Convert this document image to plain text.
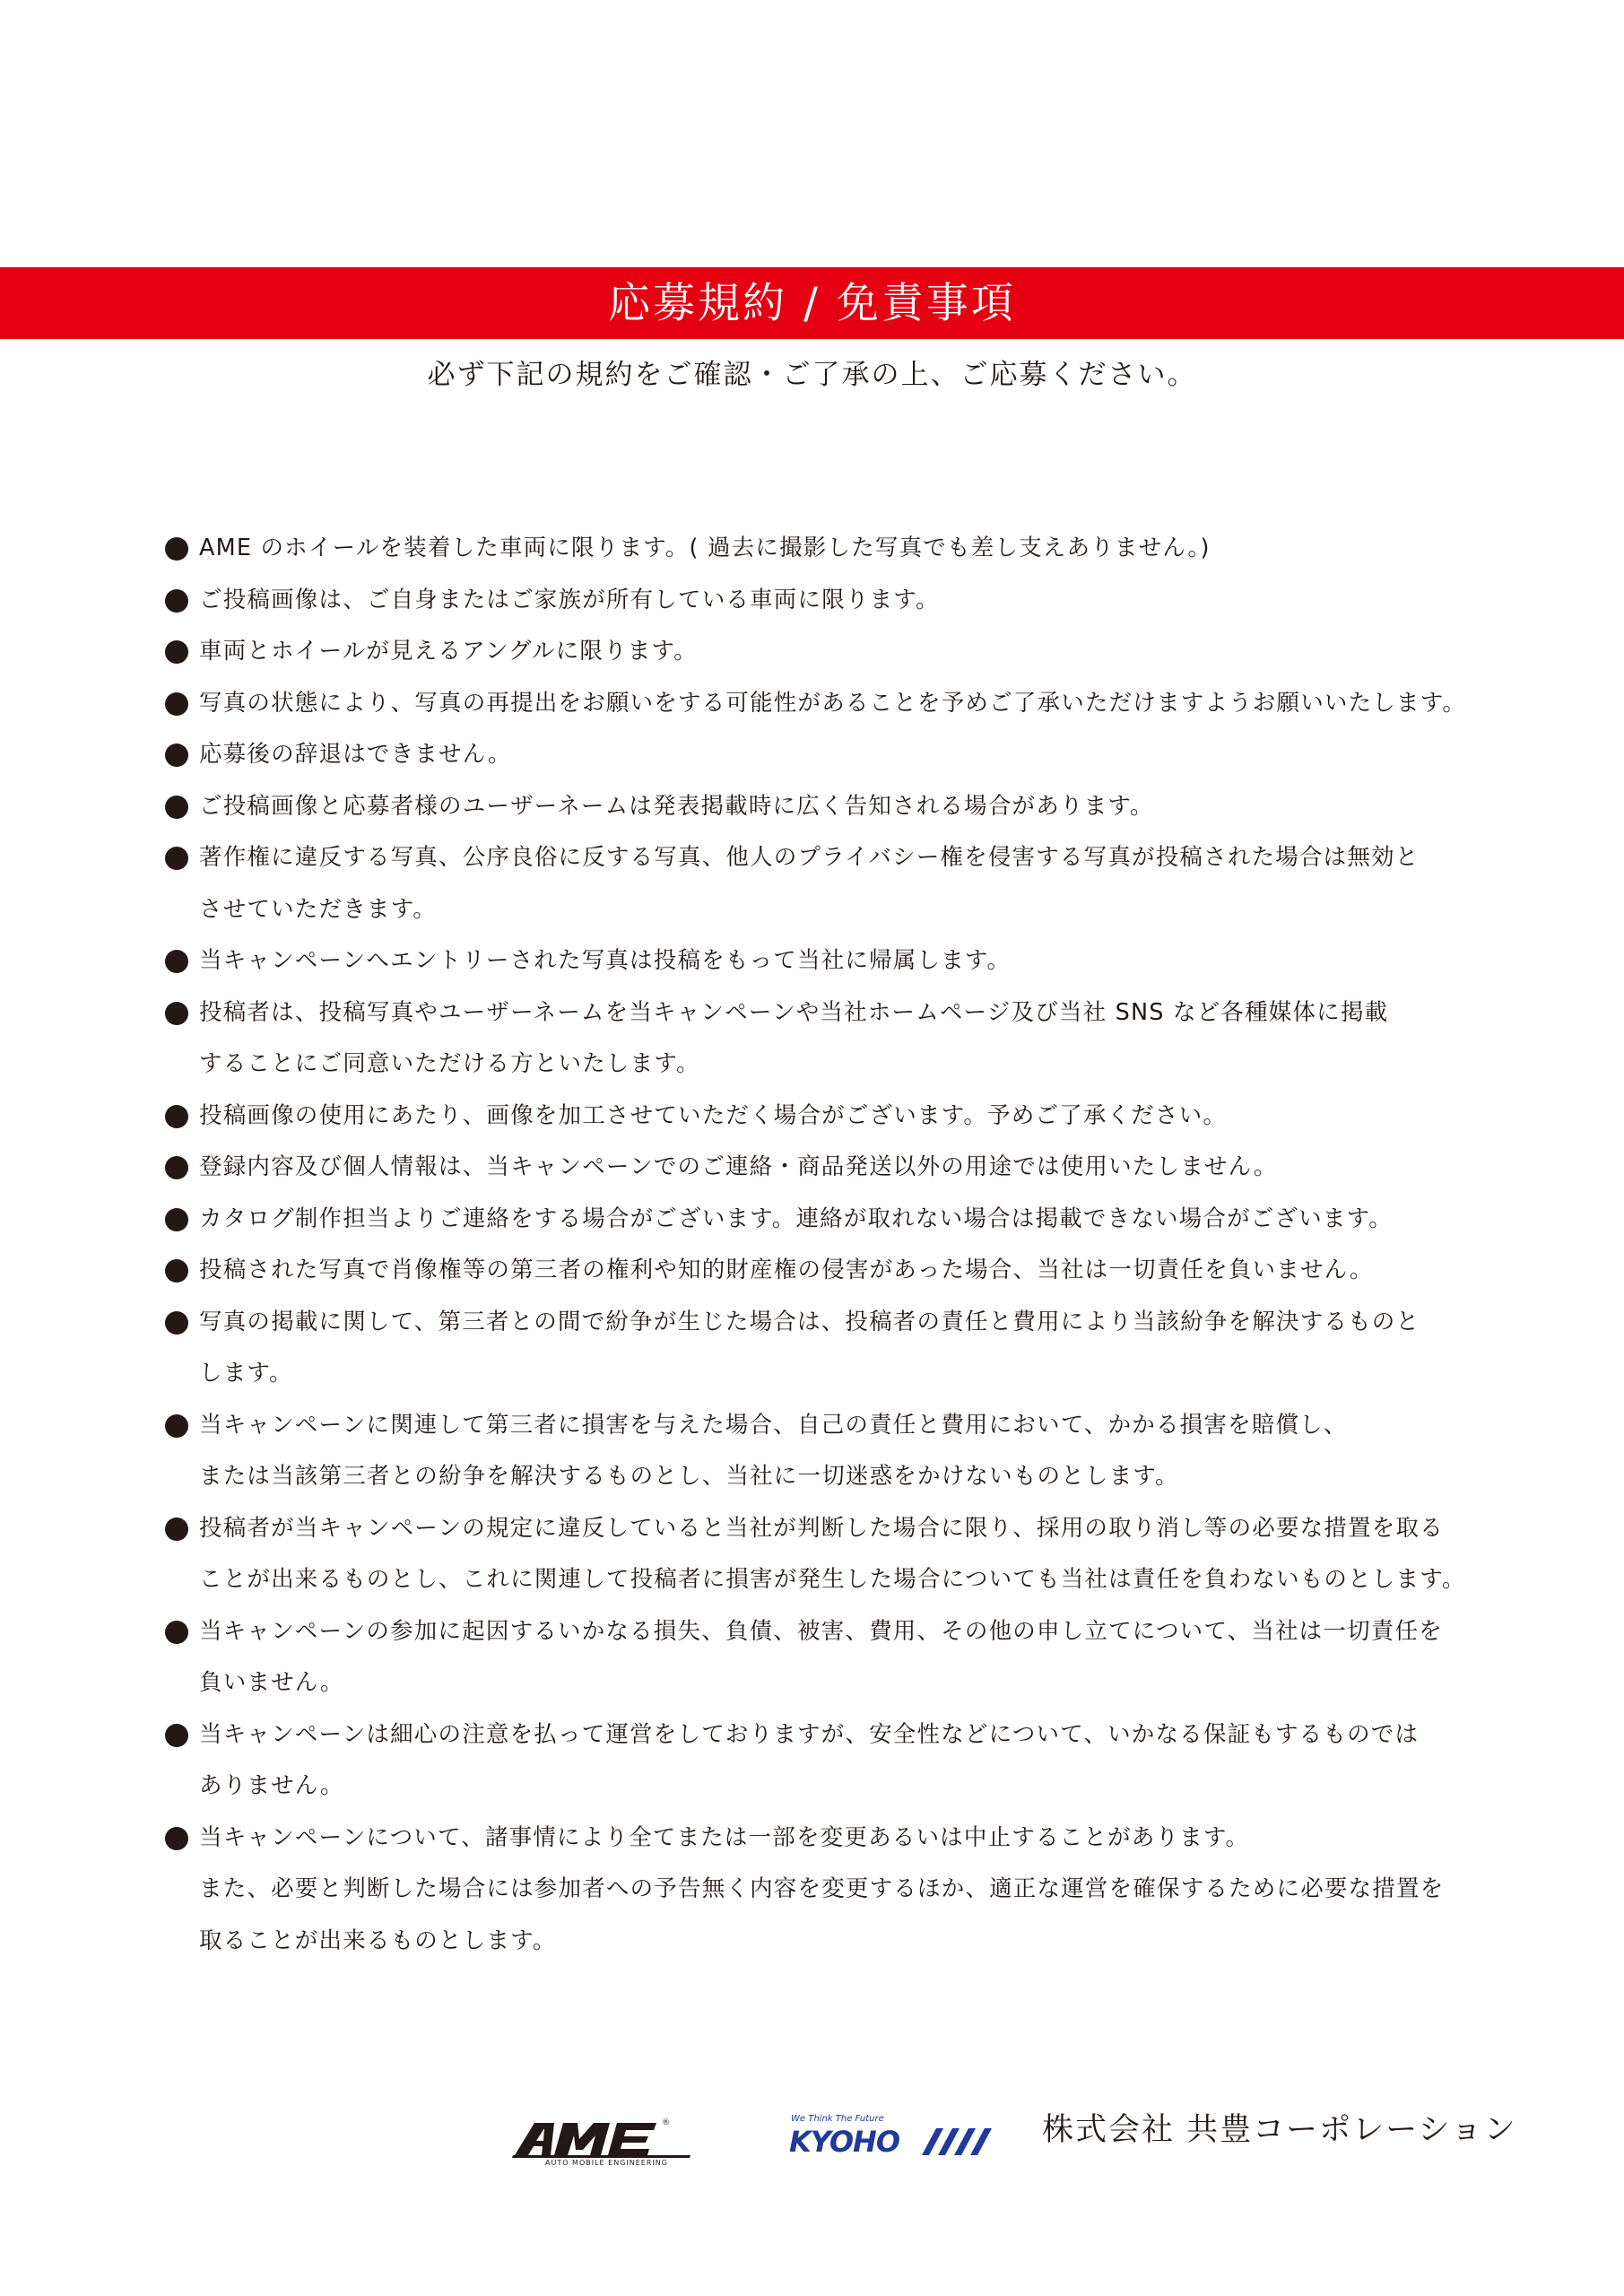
応募規約 / 免責事項
必ず下記の規約をご確認・ご了承の上、ご応募ください。
AME のホイールを装着した車両に限ります。( 過去に撮影した写真でも差し支えありません。)
ご投稿画像は、ご自身またはご家族が所有している車両に限ります。
車両とホイールが見えるアングルに限ります。
写真の状態により、写真の再提出をお願いをする可能性があることを予めご了承いただけますようお願いいたします。
応募後の辞退はできません。
ご投稿画像と応募者様のユーザーネームは発表掲載時に広く告知される場合があります。
著作権に違反する写真、公序良俗に反する写真、他人のプライバシー権を侵害する写真が投稿された場合は無効と
させていただきます。
当キャンペーンへエントリーされた写真は投稿をもって当社に帰属します。
投稿者は、投稿写真やユーザーネームを当キャンペーンや当社ホームページ及び当社 SNS など各種媒体に掲載
することにご同意いただける方といたします。
投稿画像の使用にあたり、画像を加工させていただく場合がございます。予めご了承ください。
登録内容及び個人情報は、当キャンペーンでのご連絡・商品発送以外の用途では使用いたしません。
カタログ制作担当よりご連絡をする場合がございます。連絡が取れない場合は掲載できない場合がございます。
投稿された写真で肖像権等の第三者の権利や知的財産権の侵害があった場合、当社は一切責任を負いません。
写真の掲載に関して、第三者との間で紛争が生じた場合は、投稿者の責任と費用により当該紛争を解決するものと
します。
当キャンペーンに関連して第三者に損害を与えた場合、自己の責任と費用において、かかる損害を賠償し、
または当該第三者との紛争を解決するものとし、当社に一切迷惑をかけないものとします。
投稿者が当キャンペーンの規定に違反していると当社が判断した場合に限り、採用の取り消し等の必要な措置を取る
ことが出来るものとし、これに関連して投稿者に損害が発生した場合についても当社は責任を負わないものとします。
当キャンペーンの参加に起因するいかなる損失、負債、被害、費用、その他の申し立てについて、当社は一切責任を
負いません。
当キャンペーンは細心の注意を払って運営をしておりますが、安全性などについて、いかなる保証もするものでは
ありません。
当キャンペーンについて、諸事情により全てまたは一部を変更あるいは中止することがあります。
また、必要と判断した場合には参加者への予告無く内容を変更するほか、適正な運営を確保するために必要な措置を
取ることが出来るものとします。
®
AUTO MOBILE ENGINEERING
We Think The Future
KYOHO	株式会社 共豊コーポレーション
